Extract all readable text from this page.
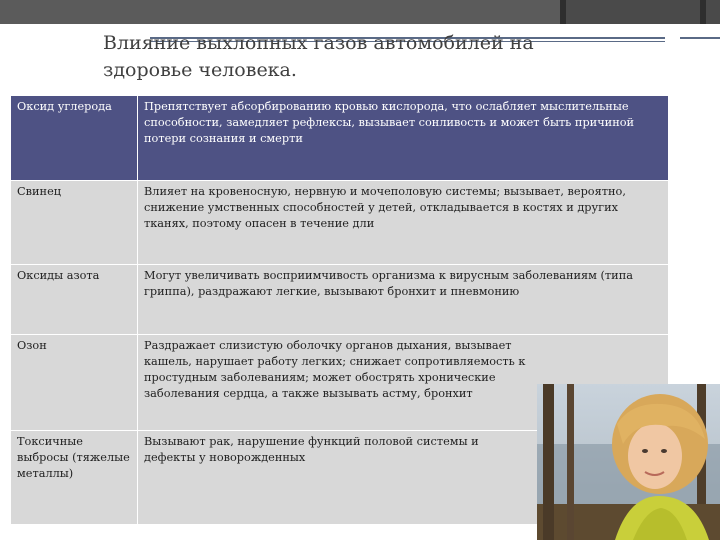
Влияние выхлопных газов автомобилей на
здоровье человека.
Оксид углерода	Препятствует абсорбированию кровью кислорода, что ослабляет мыслительные способности, замедляет рефлексы, вызывает сонливость и может быть причиной потери сознания и смерти
Свинец	Влияет на кровеносную, нервную и мочеполовую системы; вызывает, вероятно, снижение умственных способностей у детей, откладывается в костях и других тканях, поэтому опасен в течение дли
Оксиды азота	Могут увеличивать восприимчивость организма к вирусным заболеваниям (типа гриппа), раздражают легкие, вызывают бронхит и пневмонию
Озон	Раздражает слизистую оболочку органов дыхания, вызывает кашель, нарушает работу легких; снижает сопротивляемость к простудным заболеваниям; может обострять хронические заболевания сердца, а также вызывать астму, бронхит
Токсичные выбросы (тяжелые металлы)	Вызывают рак, нарушение функций половой системы и дефекты у новорожденных
